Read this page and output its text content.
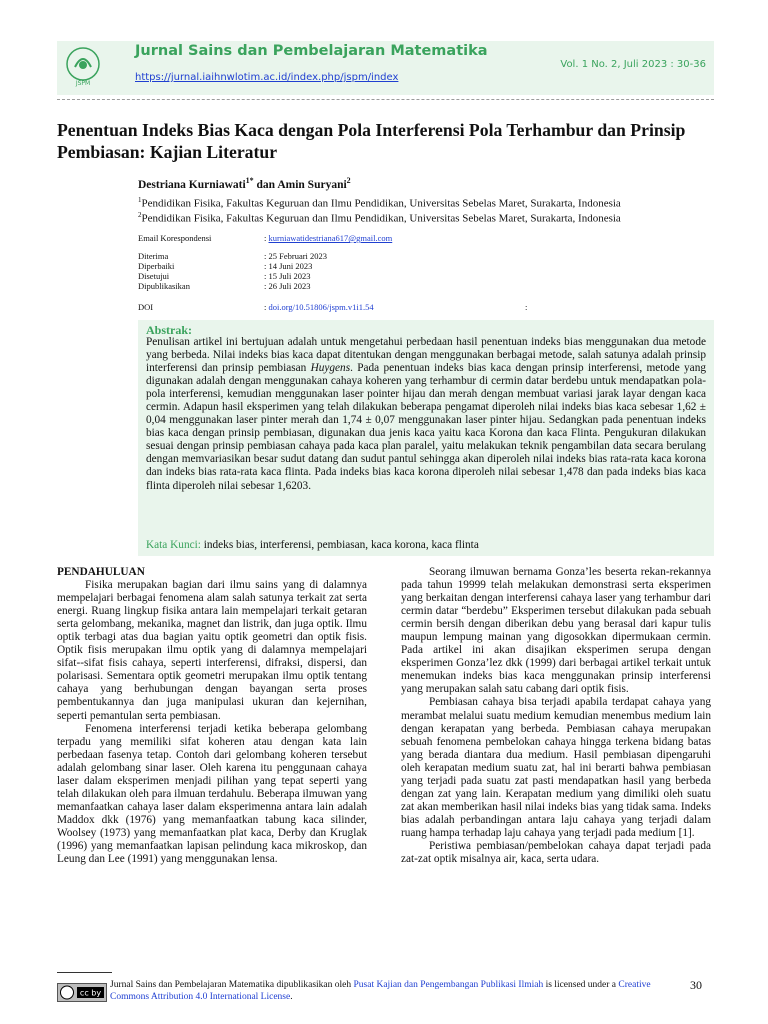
JSPM
Jurnal Sains dan Pembelajaran Matematika
https://jurnal.iaihnwlotim.ac.id/index.php/jspm/index
Vol. 1 No. 2, Juli 2023 : 30-36
Penentuan Indeks Bias Kaca dengan Pola Interferensi Pola Terhambur dan Prinsip Pembiasan: Kajian Literatur
Destriana Kurniawati$^{1*}$ dan Amin Suryani$^2$
$^1$Pendidikan Fisika, Fakultas Keguruan dan Ilmu Pendidikan, Universitas Sebelas Maret, Surakarta, Indonesia
$^2$Pendidikan Fisika, Fakultas Keguruan dan Ilmu Pendidikan, Universitas Sebelas Maret, Surakarta, Indonesia
Email Korespondensi	: kurniawatidestriana617@gmail.com
Diterima	: 25 Februari 2023
Diperbaiki	: 14 Juni 2023
Disetujui	: 15 Juli 2023
Dipublikasikan	: 26 Juli 2023
DOI	: doi.org/10.51806/jspm.v1i1.54	:
Abstrak:
Penulisan artikel ini bertujuan adalah untuk mengetahui perbedaan hasil penentuan indeks bias menggunakan dua metode yang berbeda. Nilai indeks bias kaca dapat ditentukan dengan menggunakan berbagai metode, salah satunya adalah prinsip interferensi dan prinsip pembiasan Huygens. Pada penentuan indeks bias kaca dengan prinsip interferensi, metode yang digunakan adalah dengan menggunakan cahaya koheren yang terhambur di cermin datar berdebu untuk mendapatkan pola-pola interferensi, kemudian menggunakan laser pointer hijau dan merah dengan membuat variasi jarak layar dengan kaca cermin. Adapun hasil eksperimen yang telah dilakukan beberapa pengamat diperoleh nilai indeks bias kaca sebesar 1,62 ± 0,04 menggunakan laser pinter merah dan 1,74 ± 0,07 menggunakan laser pinter hijau. Sedangkan pada penentuan indeks bias kaca dengan prinsip pembiasan, digunakan dua jenis kaca yaitu kaca Korona dan kaca Flinta. Pengukuran dilakukan sesuai dengan prinsip pembiasan cahaya pada kaca plan paralel, yaitu melakukan teknik pengambilan data secara berulang dengan memvariasikan besar sudut datang dan sudut pantul sehingga akan diperoleh nilai indeks bias rata-rata kaca korona dan indeks bias rata-rata kaca flinta. Pada indeks bias kaca korona diperoleh nilai sebesar 1,478 dan pada indeks bias kaca flinta diperoleh nilai sebesar 1,6203.
Kata Kunci: indeks bias, interferensi, pembiasan, kaca korona, kaca flinta
PENDAHULUAN

Fisika merupakan bagian dari ilmu sains yang di dalamnya mempelajari berbagai fenomena alam salah satunya terkait zat serta energi. Ruang lingkup fisika antara lain mempelajari terkait getaran serta gelombang, mekanika, magnet dan listrik, dan juga optik. Ilmu optik terbagi atas dua bagian yaitu optik geometri dan optik fisis. Optik fisis merupakan ilmu optik yang di dalamnya mempelajari sifat--sifat fisis cahaya, seperti interferensi, difraksi, dispersi, dan polarisasi. Sementara optik geometri merupakan ilmu optik tentang cahaya yang berhubungan dengan bayangan serta proses pembentukannya dan juga manipulasi ukuran dan kejernihan, seperti pemantulan serta pembiasan.

Fenomena interferensi terjadi ketika beberapa gelombang terpadu yang memiliki sifat koheren atau dengan kata lain perbedaan fasenya tetap. Contoh dari gelombang koheren tersebut adalah gelombang sinar laser. Oleh karena itu penggunaan cahaya laser dalam eksperimen menjadi pilihan yang tepat seperti yang telah dilakukan oleh para ilmuan terdahulu. Beberapa ilmuwan yang memanfaatkan cahaya laser dalam eksperimenna antara lain adalah Maddox dkk (1976) yang memanfaatkan tabung kaca silinder, Woolsey (1973) yang memanfaatkan plat kaca, Derby dan Kruglak (1996) yang memanfaatkan lapisan pelindung kaca mikroskop, dan Leung dan Lee (1991) yang menggunakan lensa.

Seorang ilmuwan bernama Gonza’les beserta rekan-rekannya pada tahun 19999 telah melakukan demonstrasi serta eksperimen yang berkaitan dengan interferensi cahaya laser yang terhambur dari cermin datar “berdebu” Eksperimen tersebut dilakukan pada sebuah cermin bersih dengan diberikan debu yang berasal dari kapur tulis maupun lempung mainan yang digosokkan dipermukaan cermin. Pada artikel ini akan disajikan eksperimen serupa dengan eksperimen Gonza’lez dkk (1999) dari berbagai artikel terkait untuk menemukan indeks bias kaca menggunakan prinsip interferensi yang merupakan salah satu cabang dari optik fisis.

Pembiasan cahaya bisa terjadi apabila terdapat cahaya yang merambat melalui suatu medium kemudian menembus medium lain dengan kerapatan yang berbeda. Pembiasan cahaya merupakan sebuah fenomena pembelokan cahaya hingga terkena bidang batas yang berada diantara dua medium. Hasil pembiasan dipengaruhi oleh kerapatan medium suatu zat, hal ini berarti bahwa pembiasan yang terjadi pada suatu zat pasti mendapatkan hasil yang berbeda dengan zat yang lain. Kerapatan medium yang dimiliki oleh suatu zat akan memberikan hasil nilai indeks bias yang tidak sama. Indeks bias adalah perbandingan antara laju cahaya yang terjadi dalam ruang hampa terhadap laju cahaya yang terjadi pada medium [1].

Peristiwa pembiasan/pembelokan cahaya dapat terjadi pada zat-zat optik misalnya air, kaca, serta udara.

cc by
Jurnal Sains dan Pembelajaran Matematika dipublikasikan oleh Pusat Kajian dan Pengembangan Publikasi Ilmiah is licensed under a Creative Commons Attribution 4.0 International License.
30
